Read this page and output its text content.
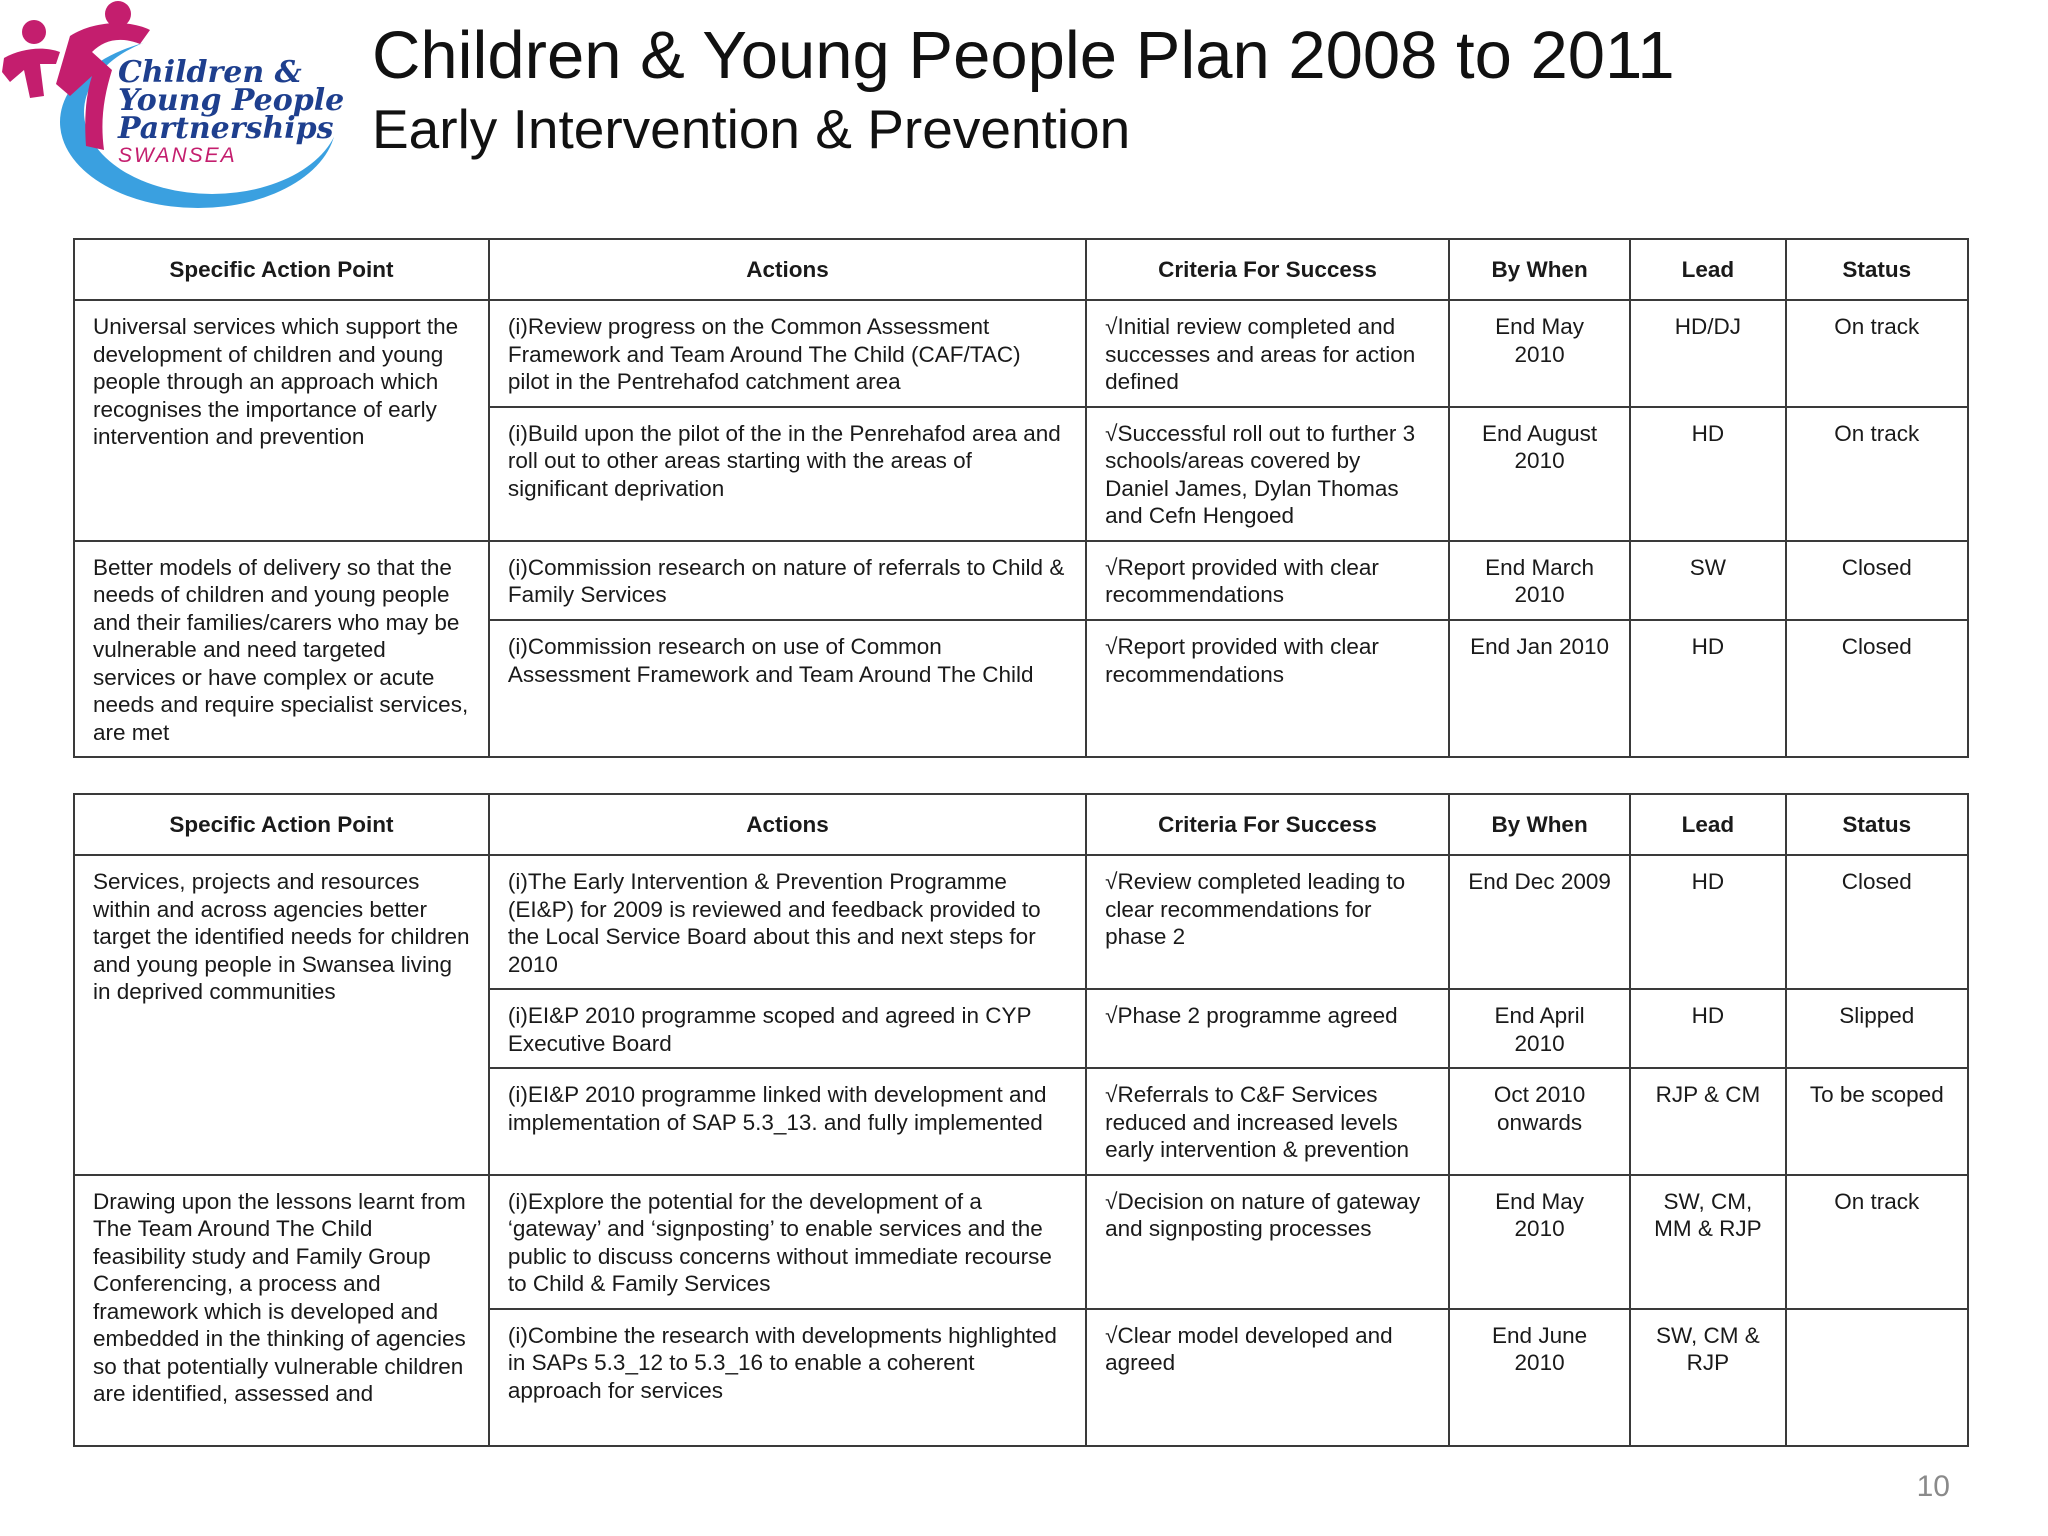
Children &
Young People
Partnerships
SWANSEA
Children & Young People Plan 2008 to 2011
Early Intervention & Prevention
Specific Action Point	Actions	Criteria For Success	By When	Lead	Status
Universal services which support the development of children and young people through an approach which recognises the importance of early intervention and prevention	(i)Review progress on the Common Assessment Framework and Team Around The Child (CAF/TAC) pilot in the Pentrehafod catchment area	√Initial review completed and successes and areas for action defined	End May 2010	HD/DJ	On track
	(i)Build upon the pilot of the in the Penrehafod area and roll out to other areas starting with the areas of significant deprivation	√Successful roll out to further 3 schools/areas covered by Daniel James, Dylan Thomas and Cefn Hengoed	End August 2010	HD	On track
Better models of delivery so that the needs of children and young people and their families/carers who may be vulnerable and need targeted services or have complex or acute needs and require specialist services, are met	(i)Commission research on nature of referrals to Child & Family Services	√Report provided with clear recommendations	End March 2010	SW	Closed
	(i)Commission research on use of Common Assessment Framework and Team Around The Child	√Report provided with clear recommendations	End Jan 2010	HD	Closed
Specific Action Point	Actions	Criteria For Success	By When	Lead	Status
Services, projects and resources within and across agencies better target the identified needs for children and young people in Swansea living in deprived communities	(i)The Early Intervention & Prevention Programme (EI&P) for 2009 is reviewed and feedback provided to the Local Service Board about this and next steps for 2010	√Review completed leading to clear recommendations for phase 2	End Dec 2009	HD	Closed
	(i)EI&P 2010 programme scoped and agreed in CYP Executive Board	√Phase 2 programme agreed	End April 2010	HD	Slipped
	(i)EI&P 2010 programme linked with development and implementation of SAP 5.3_13. and fully implemented	√Referrals to C&F Services reduced and increased levels early intervention & prevention	Oct 2010 onwards	RJP & CM	To be scoped
Drawing upon the lessons learnt from The Team Around The Child feasibility study and Family Group Conferencing, a process and framework which is developed and embedded in the thinking of agencies so that potentially vulnerable children are identified, assessed and	(i)Explore the potential for the development of a ‘gateway’ and ‘signposting’ to enable services and the public to discuss concerns without immediate recourse to Child & Family Services	√Decision on nature of gateway and signposting processes	End May 2010	SW, CM, MM & RJP	On track
	(i)Combine the research with developments highlighted in SAPs 5.3_12 to 5.3_16 to enable a coherent approach for services	√Clear model developed and agreed	End June 2010	SW, CM & RJP	
10
